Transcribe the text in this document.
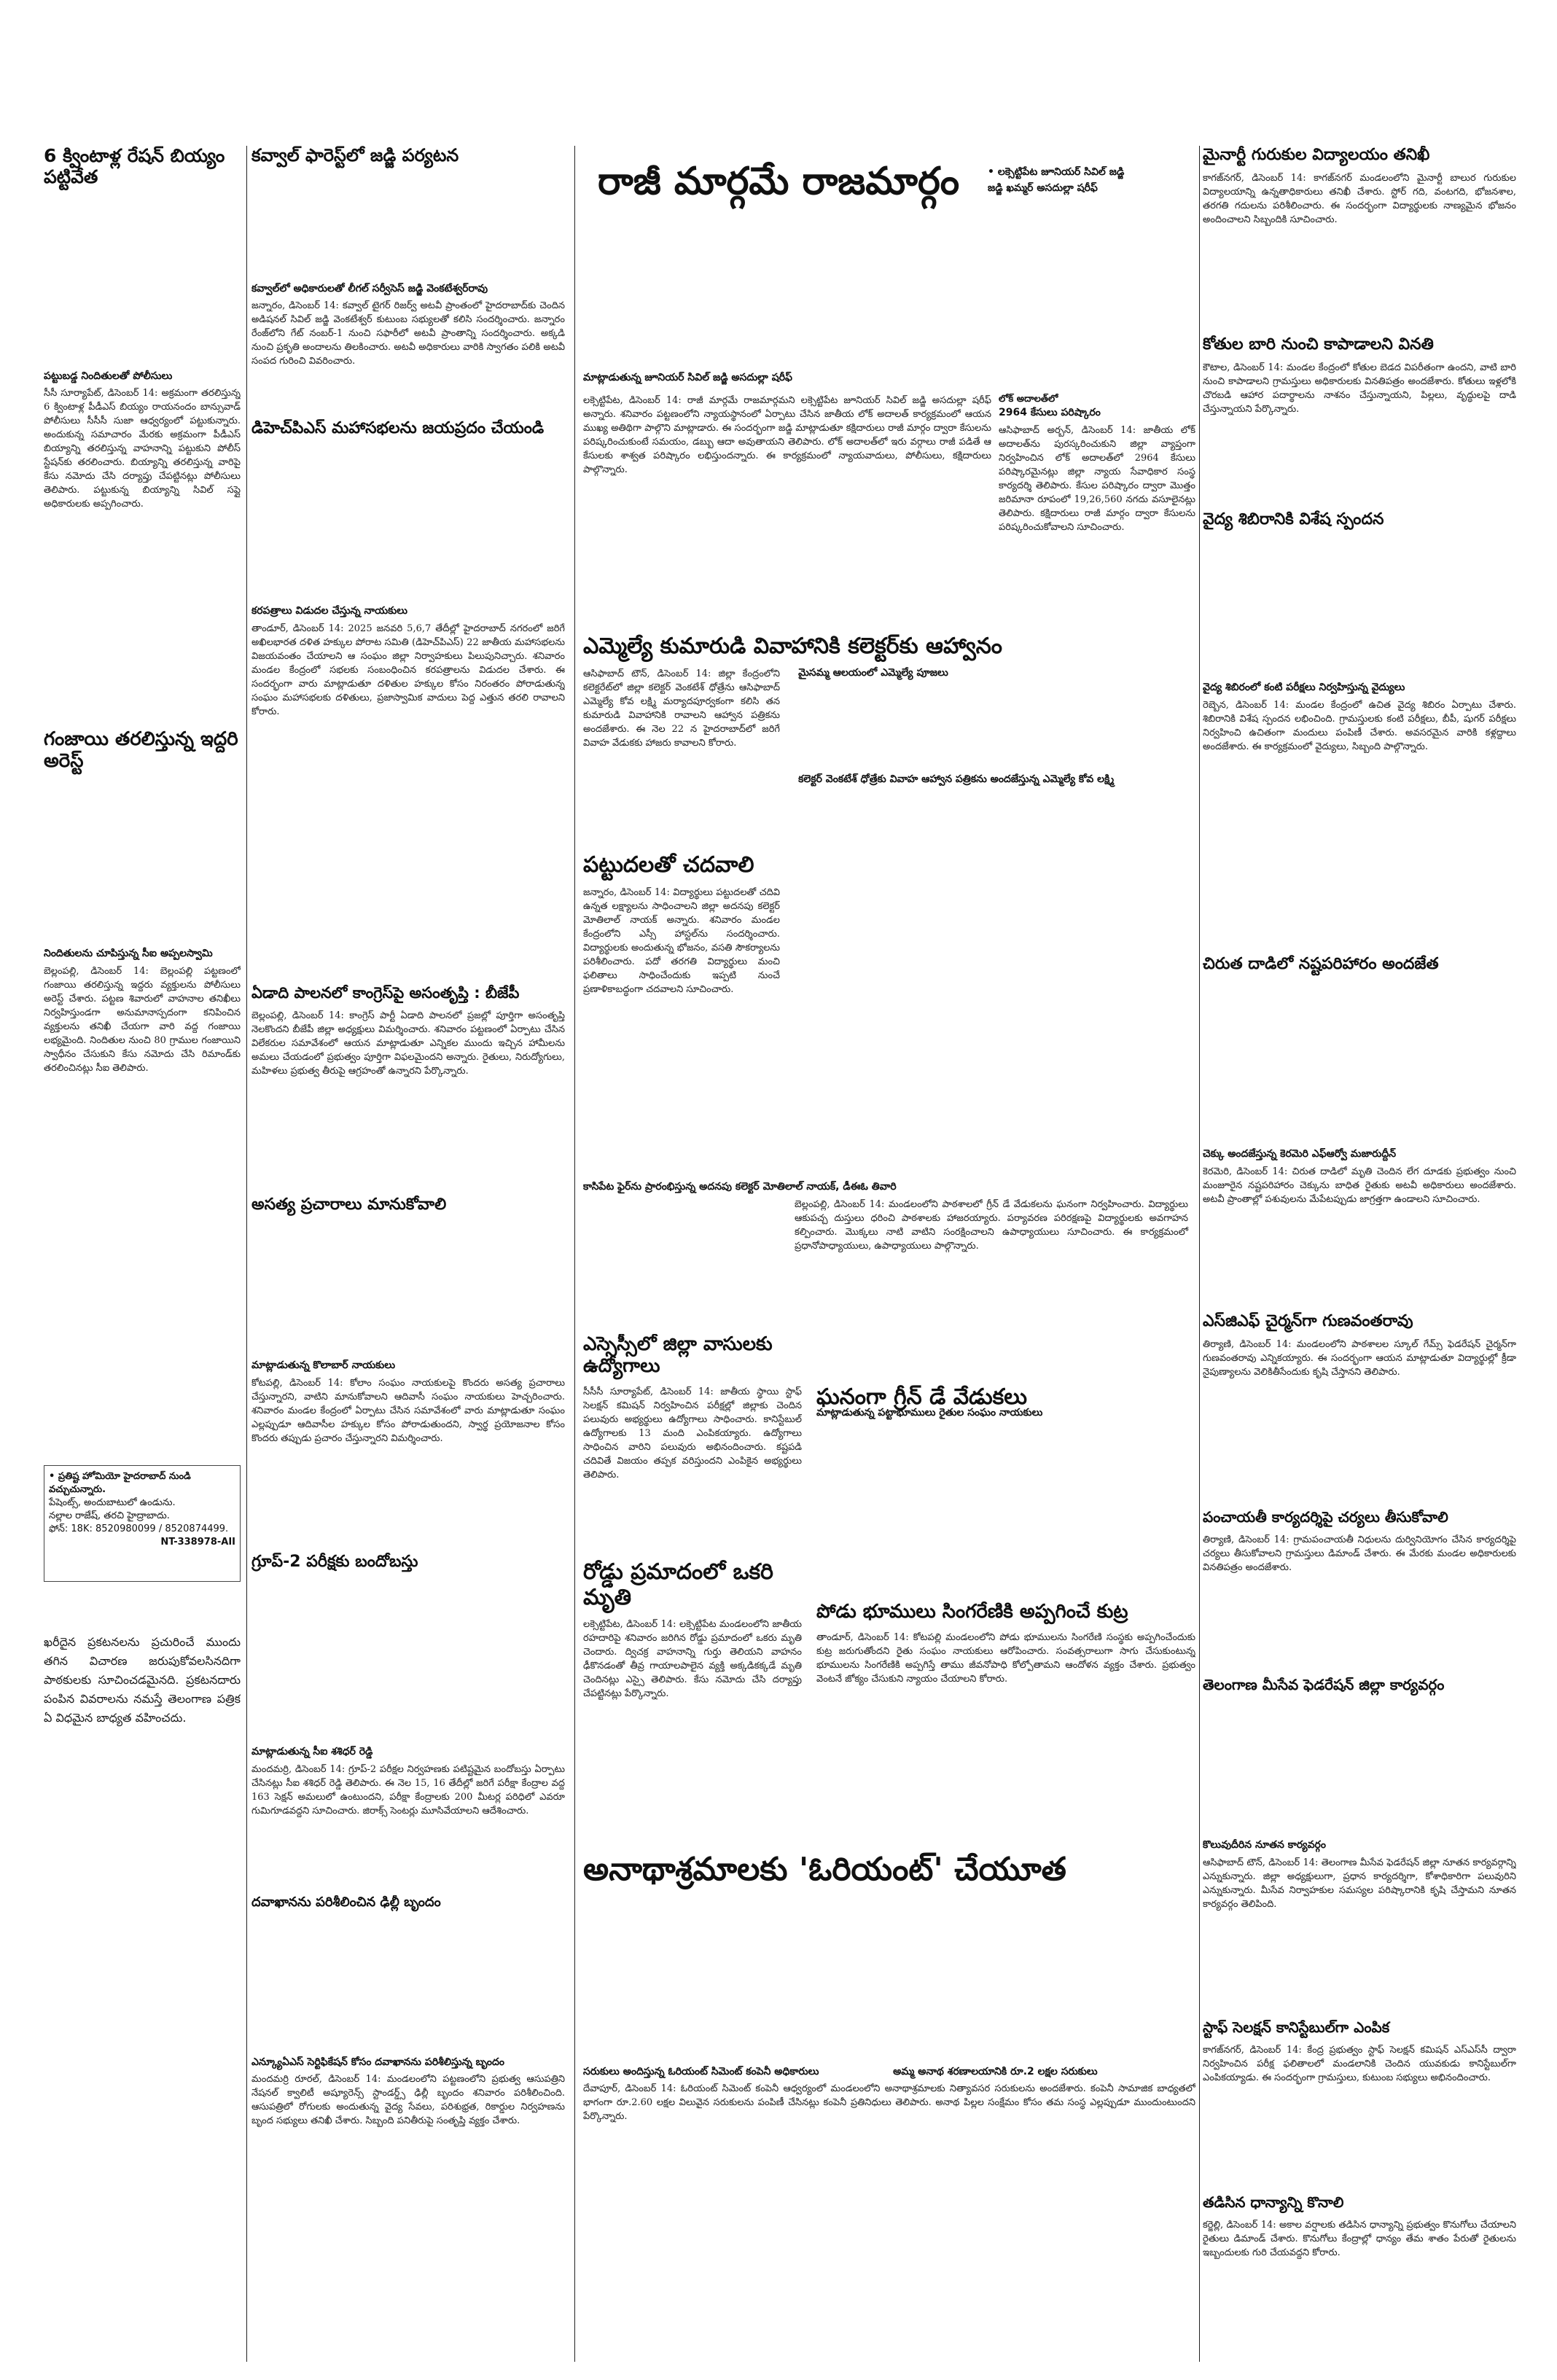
6 క్వింటాళ్ల రేషన్ బియ్యం పట్టివేత

పట్టుబడ్డ నిందితులతో పోలీసులు

సీసీ సూర్యాపేట్, డిసెంబర్ 14: అక్రమంగా తరలిస్తున్న 6 క్వింటాళ్ల పీడీఎస్ బియ్యం రాయనందం బాన్సువాడ్ పోలీసులు సీసీసీ సుజా ఆధ్వర్యంలో పట్టుకున్నారు. అందుకున్న సమాచారం మేరకు అక్రమంగా పీడీఎస్ బియ్యాన్ని తరలిస్తున్న వాహనాన్ని పట్టుకుని పోలీస్ స్టేషన్‌కు తరలించారు. బియ్యాన్ని తరలిస్తున్న వారిపై కేసు నమోదు చేసి దర్యాప్తు చేపట్టినట్లు పోలీసులు తెలిపారు. పట్టుకున్న బియ్యాన్ని సివిల్ సప్లై అధికారులకు అప్పగించారు.

గంజాయి తరలిస్తున్న ఇద్దరి అరెస్ట్

నిందితులను చూపిస్తున్న సీఐ అప్పలస్వామి

బెల్లంపల్లి, డిసెంబర్ 14: బెల్లంపల్లి పట్టణంలో గంజాయి తరలిస్తున్న ఇద్దరు వ్యక్తులను పోలీసులు అరెస్ట్ చేశారు. పట్టణ శివారులో వాహనాల తనిఖీలు నిర్వహిస్తుండగా అనుమానాస్పదంగా కనిపించిన వ్యక్తులను తనిఖీ చేయగా వారి వద్ద గంజాయి లభ్యమైంది. నిందితుల నుంచి 80 గ్రాముల గంజాయిని స్వాధీనం చేసుకుని కేసు నమోదు చేసి రిమాండ్‌కు తరలించినట్లు సీఐ తెలిపారు.

• ప్రతిష్ట హోమియో హైదరాబాద్ నుండి వచ్చుచున్నారు.
పేషెంట్స్, అందుబాటులో ఉండును.
నల్లాల రాజేష్, తరచి హైద్రాబాదు.
ఫోన్: 18K: 8520980099 / 8520874499.
NT-338978-AII

ఖరీదైన ప్రకటనలను ప్రచురించే ముందు తగిన విచారణ జరుపుకోవలసినదిగా పాఠకులకు సూచించడమైనది. ప్రకటనదారు పంపిన వివరాలను నమస్తే తెలంగాణ పత్రిక ఏ విధమైన బాధ్యత వహించదు.

కవ్వాల్ ఫారెస్ట్‌లో జడ్జి పర్యటన

కవ్వాల్‌లో అధికారులతో లీగల్ సర్వీసెస్ జడ్జి వెంకటేశ్వర్‌రావు

జన్నారం, డిసెంబర్ 14: కవ్వాల్ టైగర్ రిజర్వ్ అటవీ ప్రాంతంలో హైదరాబాద్‌కు చెందిన అడిషనల్ సివిల్ జడ్జి వెంకటేశ్వర్ కుటుంబ సభ్యులతో కలిసి సందర్శించారు. జన్నారం రేంజ్‌లోని గేట్ నంబర్-1 నుంచి సఫారీలో అటవీ ప్రాంతాన్ని సందర్శించారు. అక్కడి నుంచి ప్రకృతి అందాలను తిలకించారు. అటవీ అధికారులు వారికి స్వాగతం పలికి అటవీ సంపద గురించి వివరించారు.

డిహెచ్‌పిఎస్ మహాసభలను జయప్రదం చేయండి

కరపత్రాలు విడుదల చేస్తున్న నాయకులు

తాండూర్, డిసెంబర్ 14: 2025 జనవరి 5,6,7 తేదీల్లో హైదరాబాద్ నగరంలో జరిగే అఖిలభారత దళిత హక్కుల పోరాట సమితి (డిహెచ్‌పిఎస్) 22 జాతీయ మహాసభలను విజయవంతం చేయాలని ఆ సంఘం జిల్లా నిర్వాహకులు పిలుపునిచ్చారు. శనివారం మండల కేంద్రంలో సభలకు సంబంధించిన కరపత్రాలను విడుదల చేశారు. ఈ సందర్భంగా వారు మాట్లాడుతూ దళితుల హక్కుల కోసం నిరంతరం పోరాడుతున్న సంఘం మహాసభలకు దళితులు, ప్రజాస్వామిక వాదులు పెద్ద ఎత్తున తరలి రావాలని కోరారు.

ఏడాది పాలనలో కాంగ్రెస్‌పై అసంతృప్తి : బీజేపీ

బెల్లంపల్లి, డిసెంబర్ 14: కాంగ్రెస్ పార్టీ ఏడాది పాలనలో ప్రజల్లో పూర్తిగా అసంతృప్తి నెలకొందని బీజేపీ జిల్లా అధ్యక్షులు విమర్శించారు. శనివారం పట్టణంలో ఏర్పాటు చేసిన విలేకరుల సమావేశంలో ఆయన మాట్లాడుతూ ఎన్నికల ముందు ఇచ్చిన హామీలను అమలు చేయడంలో ప్రభుత్వం పూర్తిగా విఫలమైందని అన్నారు. రైతులు, నిరుద్యోగులు, మహిళలు ప్రభుత్వ తీరుపై ఆగ్రహంతో ఉన్నారని పేర్కొన్నారు.

అసత్య ప్రచారాలు మానుకోవాలి

మాట్లాడుతున్న కొలాబార్ నాయకులు

కోటపల్లి, డిసెంబర్ 14: కోలాం సంఘం నాయకులపై కొందరు అసత్య ప్రచారాలు చేస్తున్నారని, వాటిని మానుకోవాలని ఆదివాసీ సంఘం నాయకులు హెచ్చరించారు. శనివారం మండల కేంద్రంలో ఏర్పాటు చేసిన సమావేశంలో వారు మాట్లాడుతూ సంఘం ఎల్లప్పుడూ ఆదివాసీల హక్కుల కోసం పోరాడుతుందని, స్వార్థ ప్రయోజనాల కోసం కొందరు తప్పుడు ప్రచారం చేస్తున్నారని విమర్శించారు.

గ్రూప్-2 పరీక్షకు బందోబస్తు

మాట్లాడుతున్న సీఐ శశిధర్ రెడ్డి

మందమర్రి, డిసెంబర్ 14: గ్రూప్-2 పరీక్షల నిర్వహణకు పటిష్టమైన బందోబస్తు ఏర్పాటు చేసినట్లు సీఐ శశిధర్ రెడ్డి తెలిపారు. ఈ నెల 15, 16 తేదీల్లో జరిగే పరీక్షా కేంద్రాల వద్ద 163 సెక్షన్ అమలులో ఉంటుందని, పరీక్షా కేంద్రాలకు 200 మీటర్ల పరిధిలో ఎవరూ గుమిగూడవద్దని సూచించారు. జిరాక్స్ సెంటర్లు మూసివేయాలని ఆదేశించారు.

దవాఖానను పరిశీలించిన ఢిల్లీ బృందం

ఎన్క్యూఏఎస్ సెర్టిఫికేషన్ కోసం దవాఖానను పరిశీలిస్తున్న బృందం

మందమర్రి రూరల్, డిసెంబర్ 14: మండలంలోని పట్టణంలోని ప్రభుత్వ ఆసుపత్రిని నేషనల్ క్వాలిటీ అష్యూరెన్స్ స్టాండర్డ్స్ ఢిల్లీ బృందం శనివారం పరిశీలించింది. ఆసుపత్రిలో రోగులకు అందుతున్న వైద్య సేవలు, పరిశుభ్రత, రికార్డుల నిర్వహణను బృంద సభ్యులు తనిఖీ చేశారు. సిబ్బంది పనితీరుపై సంతృప్తి వ్యక్తం చేశారు.

రాజీ మార్గమే రాజమార్గం	• లక్సెట్టిపేట జూనియర్ సివిల్ జడ్జి
జడ్జి ఖమ్మర్ అసదుల్లా షరీఫ్

మాట్లాడుతున్న జూనియర్ సివిల్ జడ్జి అసదుల్లా షరీఫ్

లక్సెట్టిపేట, డిసెంబర్ 14: రాజీ మార్గమే రాజమార్గమని లక్సెట్టిపేట జూనియర్ సివిల్ జడ్జి అసదుల్లా షరీఫ్ అన్నారు. శనివారం పట్టణంలోని న్యాయస్థానంలో ఏర్పాటు చేసిన జాతీయ లోక్ అదాలత్ కార్యక్రమంలో ఆయన ముఖ్య అతిథిగా పాల్గొని మాట్లాడారు. ఈ సందర్భంగా జడ్జి మాట్లాడుతూ కక్షిదారులు రాజీ మార్గం ద్వారా కేసులను పరిష్కరించుకుంటే సమయం, డబ్బు ఆదా అవుతాయని తెలిపారు. లోక్ అదాలత్‌లో ఇరు వర్గాలు రాజీ పడితే ఆ కేసులకు శాశ్వత పరిష్కారం లభిస్తుందన్నారు. ఈ కార్యక్రమంలో న్యాయవాదులు, పోలీసులు, కక్షిదారులు పాల్గొన్నారు.

లోక్ అదాలత్‌లో

2964 కేసులు పరిష్కారం

ఆసిఫాబాద్ అర్బన్, డిసెంబర్ 14: జాతీయ లోక్ అదాలత్‌ను పురస్కరించుకుని జిల్లా వ్యాప్తంగా నిర్వహించిన లోక్ అదాలత్‌లో 2964 కేసులు పరిష్కారమైనట్లు జిల్లా న్యాయ సేవాధికార సంస్థ కార్యదర్శి తెలిపారు. కేసుల పరిష్కారం ద్వారా మొత్తం జరిమానా రూపంలో 19,26,560 నగదు వసూలైనట్లు తెలిపారు. కక్షిదారులు రాజీ మార్గం ద్వారా కేసులను పరిష్కరించుకోవాలని సూచించారు.

ఎమ్మెల్యే కుమారుడి వివాహానికి కలెక్టర్‌కు ఆహ్వానం

ఆసిఫాబాద్ టౌన్, డిసెంబర్ 14: జిల్లా కేంద్రంలోని కలెక్టరేట్‌లో జిల్లా కలెక్టర్ వెంకటేశ్ ధోత్రేను ఆసిఫాబాద్ ఎమ్మెల్యే కోవ లక్ష్మి మర్యాదపూర్వకంగా కలిసి తన కుమారుడి వివాహానికి రావాలని ఆహ్వాన పత్రికను అందజేశారు. ఈ నెల 22 న హైదరాబాద్‌లో జరిగే వివాహ వేడుకకు హాజరు కావాలని కోరారు.

మైసమ్మ ఆలయంలో ఎమ్మెల్యే పూజలు

కలెక్టర్ వెంకటేశ్ ధోత్రేకు వివాహ ఆహ్వాన పత్రికను అందజేస్తున్న ఎమ్మెల్యే కోవ లక్ష్మి

పట్టుదలతో చదవాలి

జన్నారం, డిసెంబర్ 14: విద్యార్థులు పట్టుదలతో చదివి ఉన్నత లక్ష్యాలను సాధించాలని జిల్లా అదనపు కలెక్టర్ మోతిలాల్ నాయక్ అన్నారు. శనివారం మండల కేంద్రంలోని ఎస్సీ హాస్టల్‌ను సందర్శించారు. విద్యార్థులకు అందుతున్న భోజనం, వసతి సౌకర్యాలను పరిశీలించారు. పదో తరగతి విద్యార్థులు మంచి ఫలితాలు సాధించేందుకు ఇప్పటి నుంచే ప్రణాళికాబద్ధంగా చదవాలని సూచించారు.

కాసిపేట ఫైర్‌ను ప్రారంభిస్తున్న అదనపు కలెక్టర్ మోతిలాల్ నాయక్, డీఈ‌ఓ తివారి

బెల్లంపల్లి, డిసెంబర్ 14: మండలంలోని పాఠశాలలో గ్రీన్ డే వేడుకలను ఘనంగా నిర్వహించారు. విద్యార్థులు ఆకుపచ్చ దుస్తులు ధరించి పాఠశాలకు హాజరయ్యారు. పర్యావరణ పరిరక్షణపై విద్యార్థులకు అవగాహన కల్పించారు. మొక్కలు నాటి వాటిని సంరక్షించాలని ఉపాధ్యాయులు సూచించారు. ఈ కార్యక్రమంలో ప్రధానోపాధ్యాయులు, ఉపాధ్యాయులు పాల్గొన్నారు.

ఎస్సెస్సీలో జిల్లా వాసులకు ఉద్యోగాలు

సీసీసీ సూర్యాపేట్, డిసెంబర్ 14: జాతీయ స్థాయి స్టాఫ్ సెలక్షన్ కమిషన్ నిర్వహించిన పరీక్షల్లో జిల్లాకు చెందిన పలువురు అభ్యర్థులు ఉద్యోగాలు సాధించారు. కానిస్టేబుల్ ఉద్యోగాలకు 13 మంది ఎంపికయ్యారు. ఉద్యోగాలు సాధించిన వారిని పలువురు అభినందించారు. కష్టపడి చదివితే విజయం తప్పక వరిస్తుందని ఎంపికైన అభ్యర్థులు తెలిపారు.

ఘనంగా గ్రీన్ డే వేడుకలు
రోడ్డు ప్రమాదంలో ఒకరి మృతి

లక్సెట్టిపేట, డిసెంబర్ 14: లక్సెట్టిపేట మండలంలోని జాతీయ రహదారిపై శనివారం జరిగిన రోడ్డు ప్రమాదంలో ఒకరు మృతి చెందారు. ద్విచక్ర వాహనాన్ని గుర్తు తెలియని వాహనం ఢీకొనడంతో తీవ్ర గాయాలపాలైన వ్యక్తి అక్కడికక్కడే మృతి చెందినట్లు ఎస్సై తెలిపారు. కేసు నమోదు చేసి దర్యాప్తు చేపట్టినట్లు పేర్కొన్నారు.

మాట్లాడుతున్న పట్టాభూములు రైతుల సంఘం నాయకులు

పోడు భూములు సింగరేణికి అప్పగించే కుట్ర

తాండూర్, డిసెంబర్ 14: కోటపల్లి మండలంలోని పోడు భూములను సింగరేణి సంస్థకు అప్పగించేందుకు కుట్ర జరుగుతోందని రైతు సంఘం నాయకులు ఆరోపించారు. సంవత్సరాలుగా సాగు చేసుకుంటున్న భూములను సింగరేణికి అప్పగిస్తే తాము జీవనోపాధి కోల్పోతామని ఆందోళన వ్యక్తం చేశారు. ప్రభుత్వం వెంటనే జోక్యం చేసుకుని న్యాయం చేయాలని కోరారు.

అనాథాశ్రమాలకు 'ఓరియంట్' చేయూత

సరుకులు అందిస్తున్న ఓరియంట్ సిమెంట్ కంపెనీ అధికారులు

	అమ్మ అనాథ శరణాలయానికి రూ.2 లక్షల సరుకులు

దేవాపూర్, డిసెంబర్ 14: ఓరియంట్ సిమెంట్ కంపెనీ ఆధ్వర్యంలో మండలంలోని అనాథాశ్రమాలకు నిత్యావసర సరుకులను అందజేశారు. కంపెనీ సామాజిక బాధ్యతలో భాగంగా రూ.2.60 లక్షల విలువైన సరుకులను పంపిణీ చేసినట్లు కంపెనీ ప్రతినిధులు తెలిపారు. అనాథ పిల్లల సంక్షేమం కోసం తమ సంస్థ ఎల్లప్పుడూ ముందుంటుందని పేర్కొన్నారు.

మైనార్టీ గురుకుల విద్యాలయం తనిఖీ

కాగజ్‌నగర్, డిసెంబర్ 14: కాగజ్‌నగర్ మండలంలోని మైనార్టీ బాలుర గురుకుల విద్యాలయాన్ని ఉన్నతాధికారులు తనిఖీ చేశారు. స్టోర్ గది, వంటగది, భోజనశాల, తరగతి గదులను పరిశీలించారు. ఈ సందర్భంగా విద్యార్థులకు నాణ్యమైన భోజనం అందించాలని సిబ్బందికి సూచించారు.

కోతుల బారి నుంచి కాపాడాలని వినతి

కౌటాల, డిసెంబర్ 14: మండల కేంద్రంలో కోతుల బెడద విపరీతంగా ఉందని, వాటి బారి నుంచి కాపాడాలని గ్రామస్తులు అధికారులకు వినతిపత్రం అందజేశారు. కోతులు ఇళ్లలోకి చొరబడి ఆహార పదార్థాలను నాశనం చేస్తున్నాయని, పిల్లలు, వృద్ధులపై దాడి చేస్తున్నాయని పేర్కొన్నారు.

వైద్య శిబిరానికి విశేష స్పందన

వైద్య శిబిరంలో కంటి పరీక్షలు నిర్వహిస్తున్న వైద్యులు

రెబ్బెన, డిసెంబర్ 14: మండల కేంద్రంలో ఉచిత వైద్య శిబిరం ఏర్పాటు చేశారు. శిబిరానికి విశేష స్పందన లభించింది. గ్రామస్తులకు కంటి పరీక్షలు, బీపీ, షుగర్ పరీక్షలు నిర్వహించి ఉచితంగా మందులు పంపిణీ చేశారు. అవసరమైన వారికి కళ్లద్దాలు అందజేశారు. ఈ కార్యక్రమంలో వైద్యులు, సిబ్బంది పాల్గొన్నారు.

చిరుత దాడిలో నష్టపరిహారం అందజేత

చెక్కు అందజేస్తున్న కెరమెరి ఎఫ్‌ఆర్వో మజారుద్దీన్

కెరమెరి, డిసెంబర్ 14: చిరుత దాడిలో మృతి చెందిన లేగ దూడకు ప్రభుత్వం నుంచి మంజూరైన నష్టపరిహారం చెక్కును బాధిత రైతుకు అటవీ అధికారులు అందజేశారు. అటవీ ప్రాంతాల్లో పశువులను మేపేటప్పుడు జాగ్రత్తగా ఉండాలని సూచించారు.

ఎస్‌జిఎఫ్ చైర్మన్‌గా గుణవంతరావు

తిర్యాణి, డిసెంబర్ 14: మండలంలోని పాఠశాలల స్కూల్ గేమ్స్ ఫెడరేషన్ చైర్మన్‌గా గుణవంతరావు ఎన్నికయ్యారు. ఈ సందర్భంగా ఆయన మాట్లాడుతూ విద్యార్థుల్లో క్రీడా నైపుణ్యాలను వెలికితీసేందుకు కృషి చేస్తానని తెలిపారు.

పంచాయతీ కార్యదర్శిపై చర్యలు తీసుకోవాలి

తిర్యాణి, డిసెంబర్ 14: గ్రామపంచాయతీ నిధులను దుర్వినియోగం చేసిన కార్యదర్శిపై చర్యలు తీసుకోవాలని గ్రామస్తులు డిమాండ్ చేశారు. ఈ మేరకు మండల అధికారులకు వినతిపత్రం అందజేశారు.

తెలంగాణ మీసేవ ఫెడరేషన్ జిల్లా కార్యవర్గం

కొలువుదీరిన నూతన కార్యవర్గం

ఆసిఫాబాద్ టౌన్, డిసెంబర్ 14: తెలంగాణ మీసేవ ఫెడరేషన్ జిల్లా నూతన కార్యవర్గాన్ని ఎన్నుకున్నారు. జిల్లా అధ్యక్షులుగా, ప్రధాన కార్యదర్శిగా, కోశాధికారిగా పలువురిని ఎన్నుకున్నారు. మీసేవ నిర్వాహకుల సమస్యల పరిష్కారానికి కృషి చేస్తామని నూతన కార్యవర్గం తెలిపింది.

స్టాఫ్ సెలక్షన్ కానిస్టేబుల్‌గా ఎంపిక

కాగజ్‌నగర్, డిసెంబర్ 14: కేంద్ర ప్రభుత్వం స్టాఫ్ సెలక్షన్ కమిషన్ ఎస్ఎస్‌సీ ద్వారా నిర్వహించిన పరీక్ష ఫలితాలలో మండలానికి చెందిన యువకుడు కానిస్టేబుల్‌గా ఎంపికయ్యాడు. ఈ సందర్భంగా గ్రామస్తులు, కుటుంబ సభ్యులు అభినందించారు.

తడిసిన ధాన్యాన్ని కొనాలి

కర్జెల్లి, డిసెంబర్ 14: అకాల వర్షాలకు తడిసిన ధాన్యాన్ని ప్రభుత్వం కొనుగోలు చేయాలని రైతులు డిమాండ్ చేశారు. కొనుగోలు కేంద్రాల్లో ధాన్యం తేమ శాతం పేరుతో రైతులను ఇబ్బందులకు గురి చేయవద్దని కోరారు.
